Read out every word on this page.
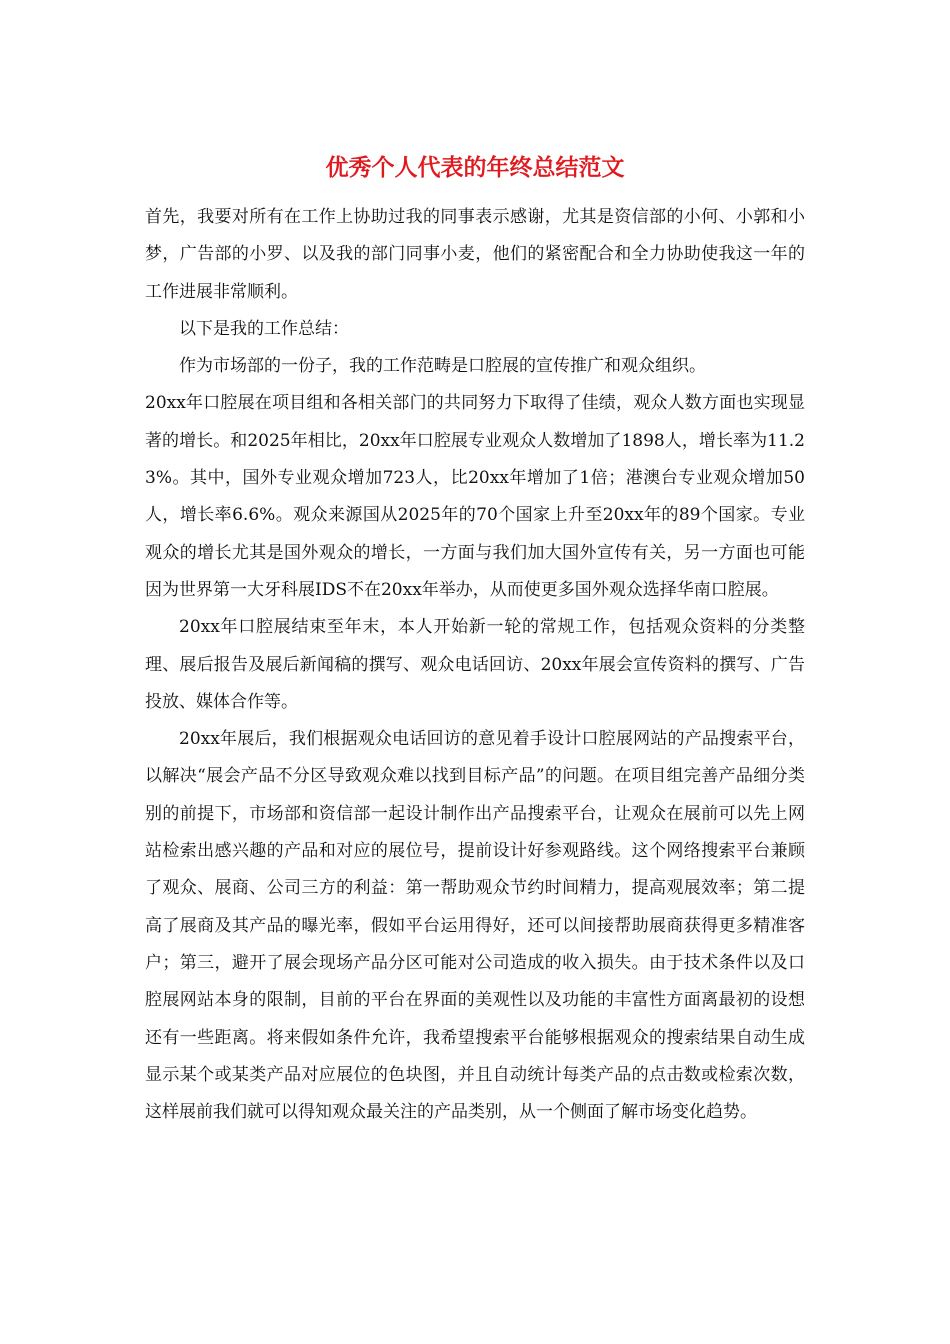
优秀个人代表的年终总结范文

首先，我要对所有在工作上协助过我的同事表示感谢，尤其是资信部的小何、小郭和小梦，广告部的小罗、以及我的部门同事小麦，他们的紧密配合和全力协助使我这一年的工作进展非常顺利。

以下是我的工作总结：

作为市场部的一份子，我的工作范畴是口腔展的宣传推广和观众组织。

20xx年口腔展在项目组和各相关部门的共同努力下取得了佳绩，观众人数方面也实现显著的增长。和2025年相比，20xx年口腔展专业观众人数增加了1898人，增长率为11.23%。其中，国外专业观众增加723人，比20xx年增加了1倍；港澳台专业观众增加50人，增长率6.6%。观众来源国从2025年的70个国家上升至20xx年的89个国家。专业观众的增长尤其是国外观众的增长，一方面与我们加大国外宣传有关，另一方面也可能因为世界第一大牙科展IDS不在20xx年举办，从而使更多国外观众选择华南口腔展。

20xx年口腔展结束至年末，本人开始新一轮的常规工作，包括观众资料的分类整理、展后报告及展后新闻稿的撰写、观众电话回访、20xx年展会宣传资料的撰写、广告投放、媒体合作等。

20xx年展后，我们根据观众电话回访的意见着手设计口腔展网站的产品搜索平台，以解决“展会产品不分区导致观众难以找到目标产品”的问题。在项目组完善产品细分类别的前提下，市场部和资信部一起设计制作出产品搜索平台，让观众在展前可以先上网站检索出感兴趣的产品和对应的展位号，提前设计好参观路线。这个网络搜索平台兼顾了观众、展商、公司三方的利益：第一帮助观众节约时间精力，提高观展效率；第二提高了展商及其产品的曝光率，假如平台运用得好，还可以间接帮助展商获得更多精准客户；第三，避开了展会现场产品分区可能对公司造成的收入损失。由于技术条件以及口腔展网站本身的限制，目前的平台在界面的美观性以及功能的丰富性方面离最初的设想还有一些距离。将来假如条件允许，我希望搜索平台能够根据观众的搜索结果自动生成显示某个或某类产品对应展位的色块图，并且自动统计每类产品的点击数或检索次数，这样展前我们就可以得知观众最关注的产品类别，从一个侧面了解市场变化趋势。
